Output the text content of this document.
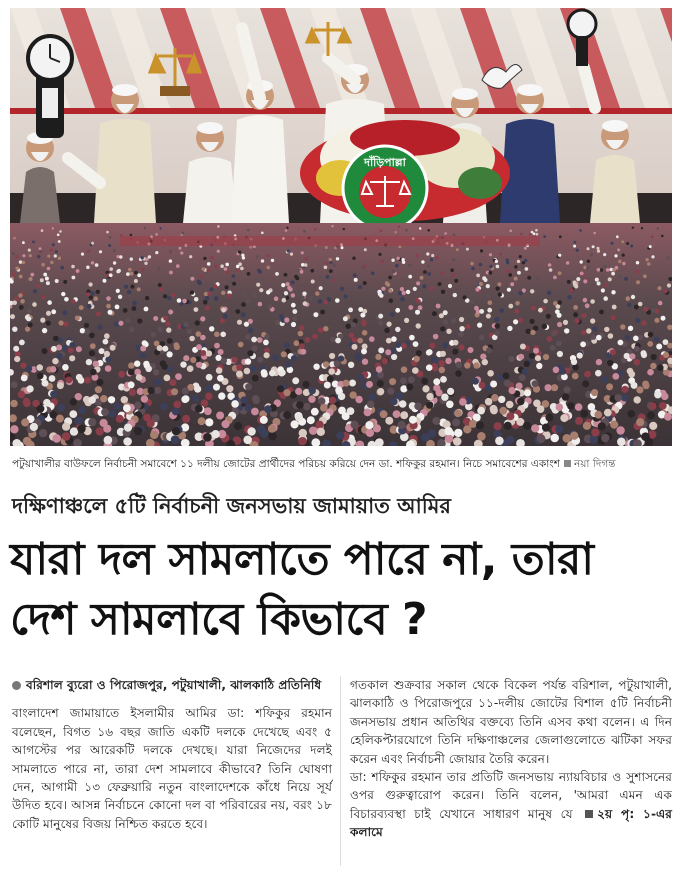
দাঁড়িপাল্লা
পটুয়াখালীর বাউফলে নির্বাচনী সমাবেশে ১১ দলীয় জোটের প্রার্থীদের পরিচয় করিয়ে দেন ডা. শফিকুর রহমান। নিচে সমাবেশের একাংশ নয়া দিগন্ত
দক্ষিণাঞ্চলে ৫টি নির্বাচনী জনসভায় জামায়াত আমির
যারা দল সামলাতে পারে না, তারা
দেশ সামলাবে কিভাবে ?
বরিশাল ব্যুরো ও পিরোজপুর, পটুয়াখালী, ঝালকাঠি প্রতিনিধি

বাংলাদেশ জামায়াতে ইসলামীর আমির ডা: শফিকুর রহমান বলেছেন, বিগত ১৬ বছর জাতি একটি দলকে দেখেছে এবং ৫ আগস্টের পর আরেকটি দলকে দেখছে। যারা নিজেদের দলই সামলাতে পারে না, তারা দেশ সামলাবে কীভাবে? তিনি ঘোষণা দেন, আগামী ১৩ ফেব্রুয়ারি নতুন বাংলাদেশকে কাঁধে নিয়ে সূর্য উদিত হবে। আসন্ন নির্বাচনে কোনো দল বা পরিবারের নয়, বরং ১৮ কোটি মানুষের বিজয় নিশ্চিত করতে হবে।

গতকাল শুক্রবার সকাল থেকে বিকেল পর্যন্ত বরিশাল, পটুয়াখালী, ঝালকাঠি ও পিরোজপুরে ১১-দলীয় জোটের বিশাল ৫টি নির্বাচনী জনসভায় প্রধান অতিথির বক্তব্যে তিনি এসব কথা বলেন। এ দিন হেলিকপ্টারযোগে তিনি দক্ষিণাঞ্চলের জেলাগুলোতে ঝটিকা সফর করেন এবং নির্বাচনী জোয়ার তৈরি করেন।

ডা: শফিকুর রহমান তার প্রতিটি জনসভায় ন্যায়বিচার ও সুশাসনের ওপর গুরুত্বারোপ করেন। তিনি বলেন, 'আমরা এমন এক বিচারব্যবস্থা চাই যেখানে সাধারণ মানুষ যে ২য় পৃ: ১-এর কলামে
